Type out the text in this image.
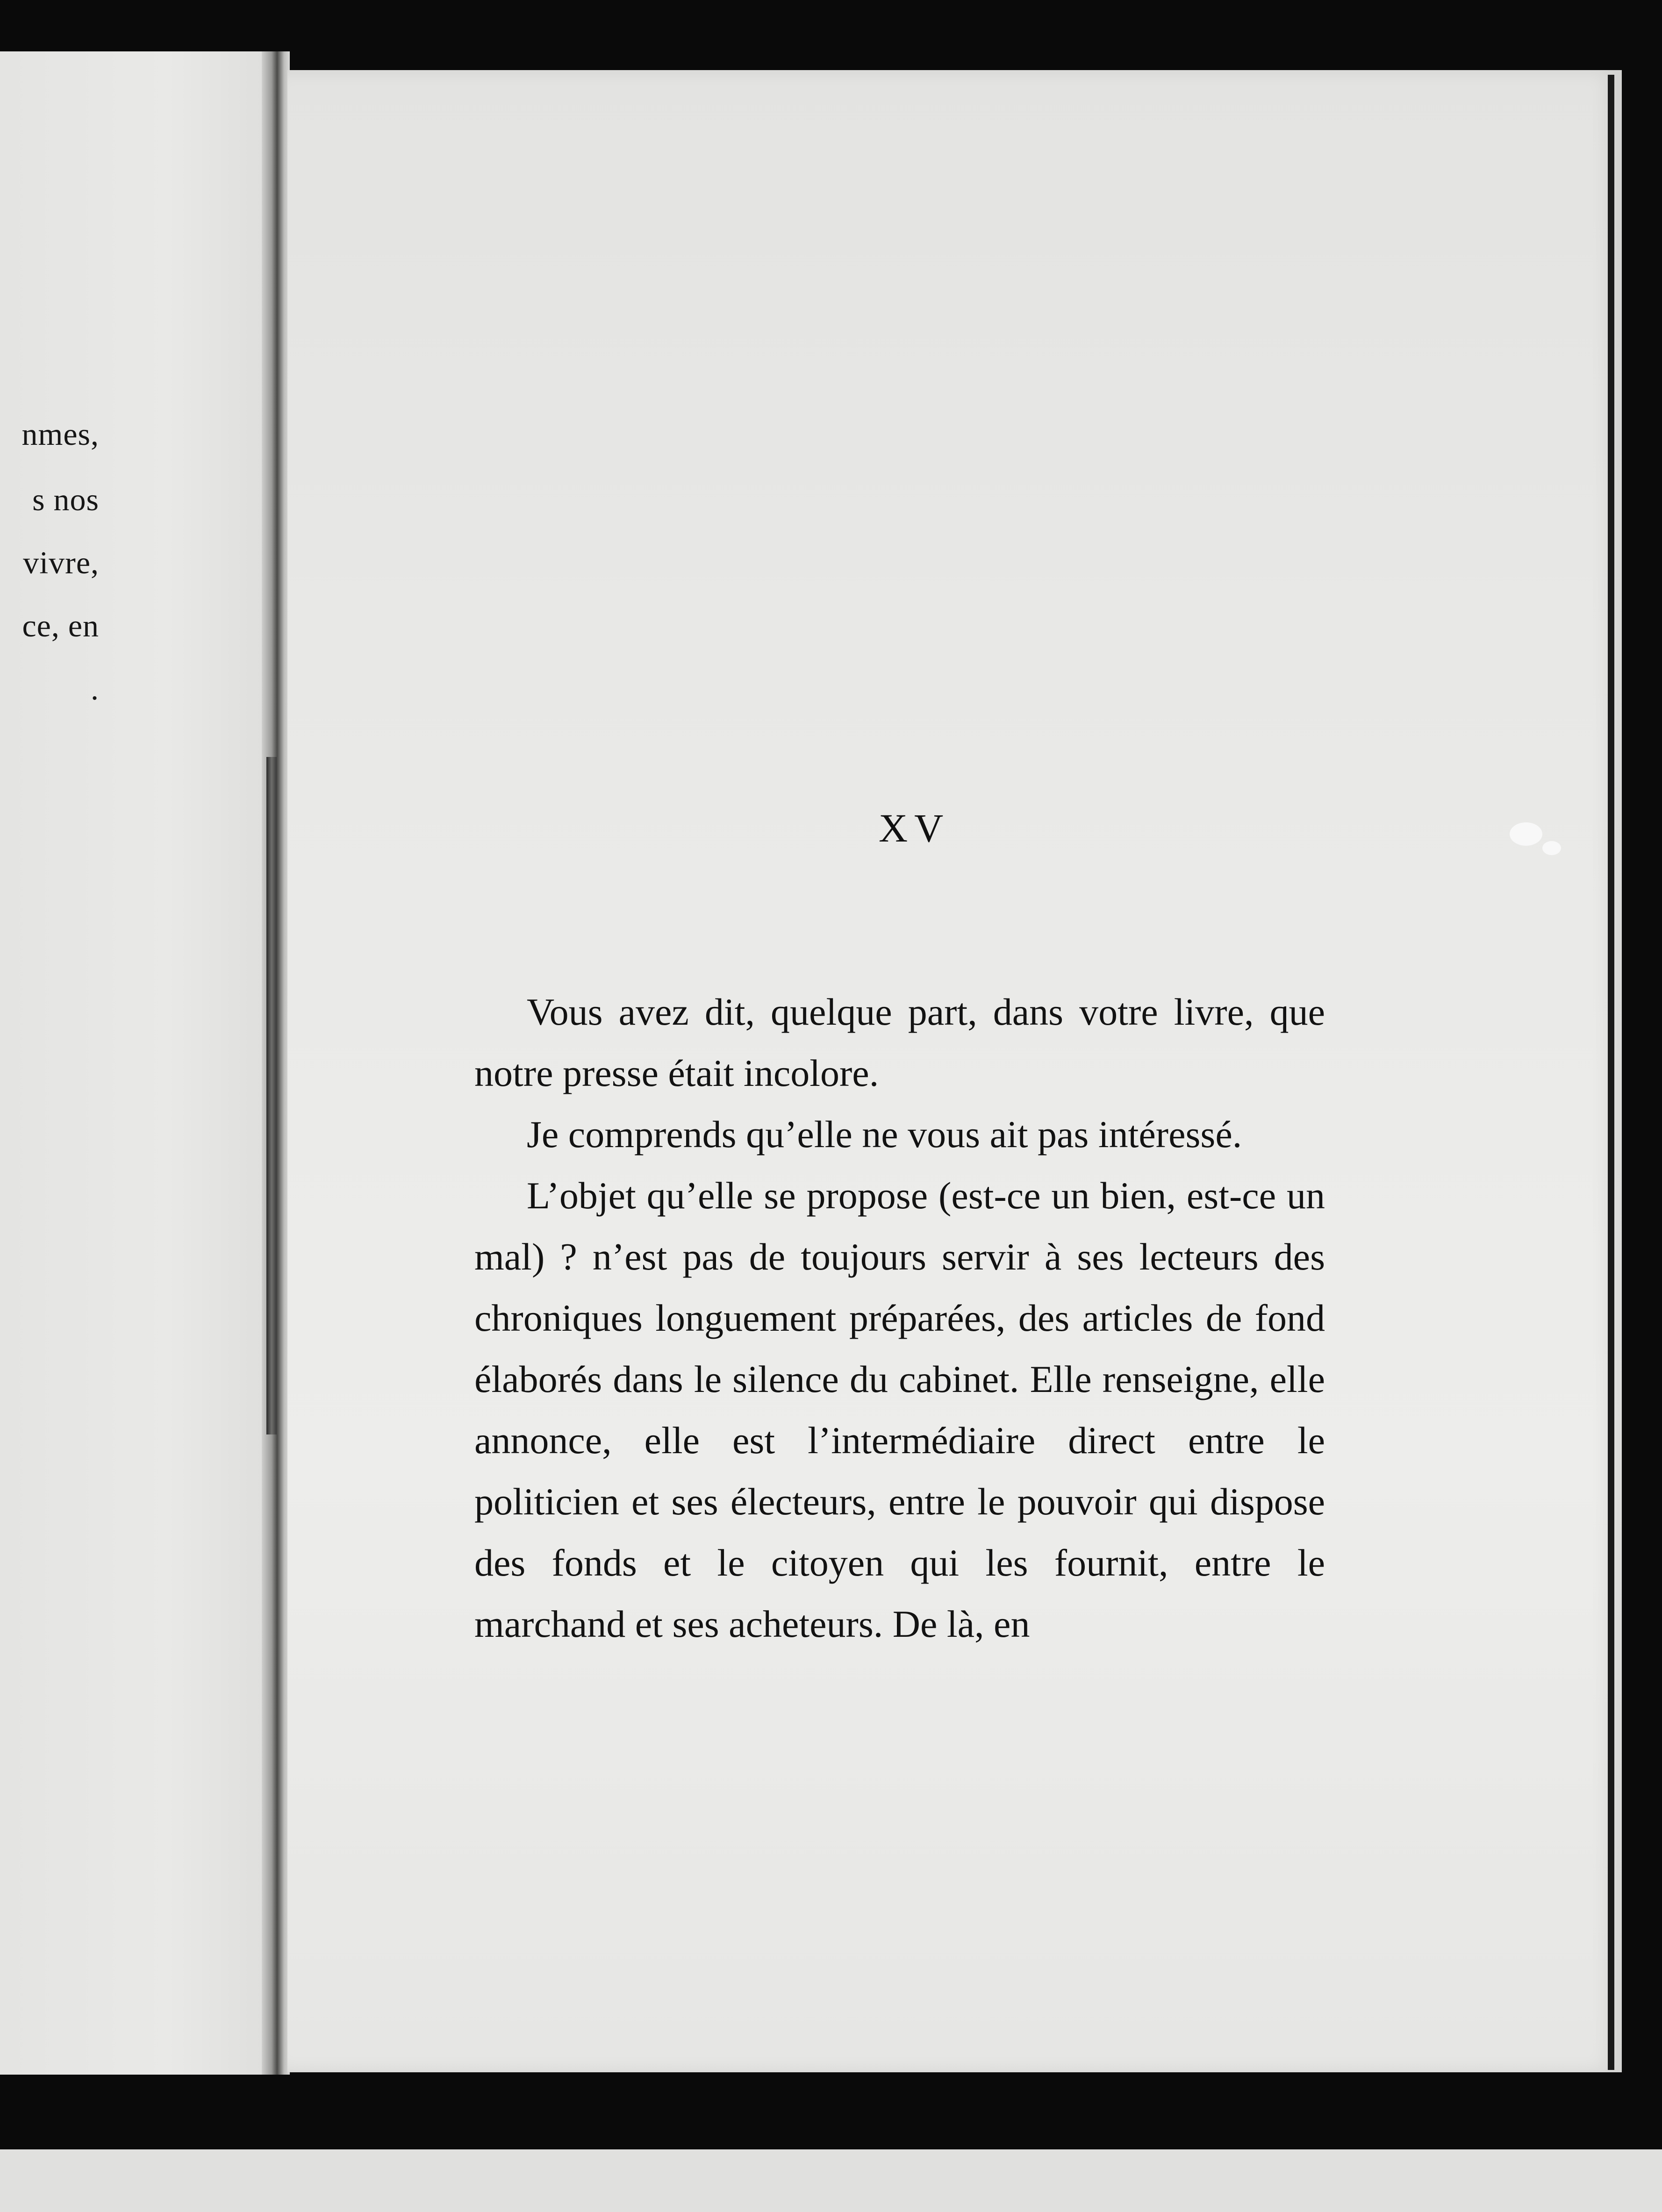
nmes,
s nos
vivre,
ce, en
.
XV

Vous avez dit, quelque part, dans votre livre, que notre presse était incolore.

Je comprends qu’elle ne vous ait pas intéressé.

L’objet qu’elle se propose (est-ce un bien, est-ce un mal) ? n’est pas de toujours servir à ses lecteurs des chroniques longuement préparées, des articles de fond élaborés dans le silence du cabinet. Elle renseigne, elle annonce, elle est l’intermédiaire direct entre le politicien et ses électeurs, entre le pouvoir qui dispose des fonds et le citoyen qui les fournit, entre le marchand et ses acheteurs. De là, en
